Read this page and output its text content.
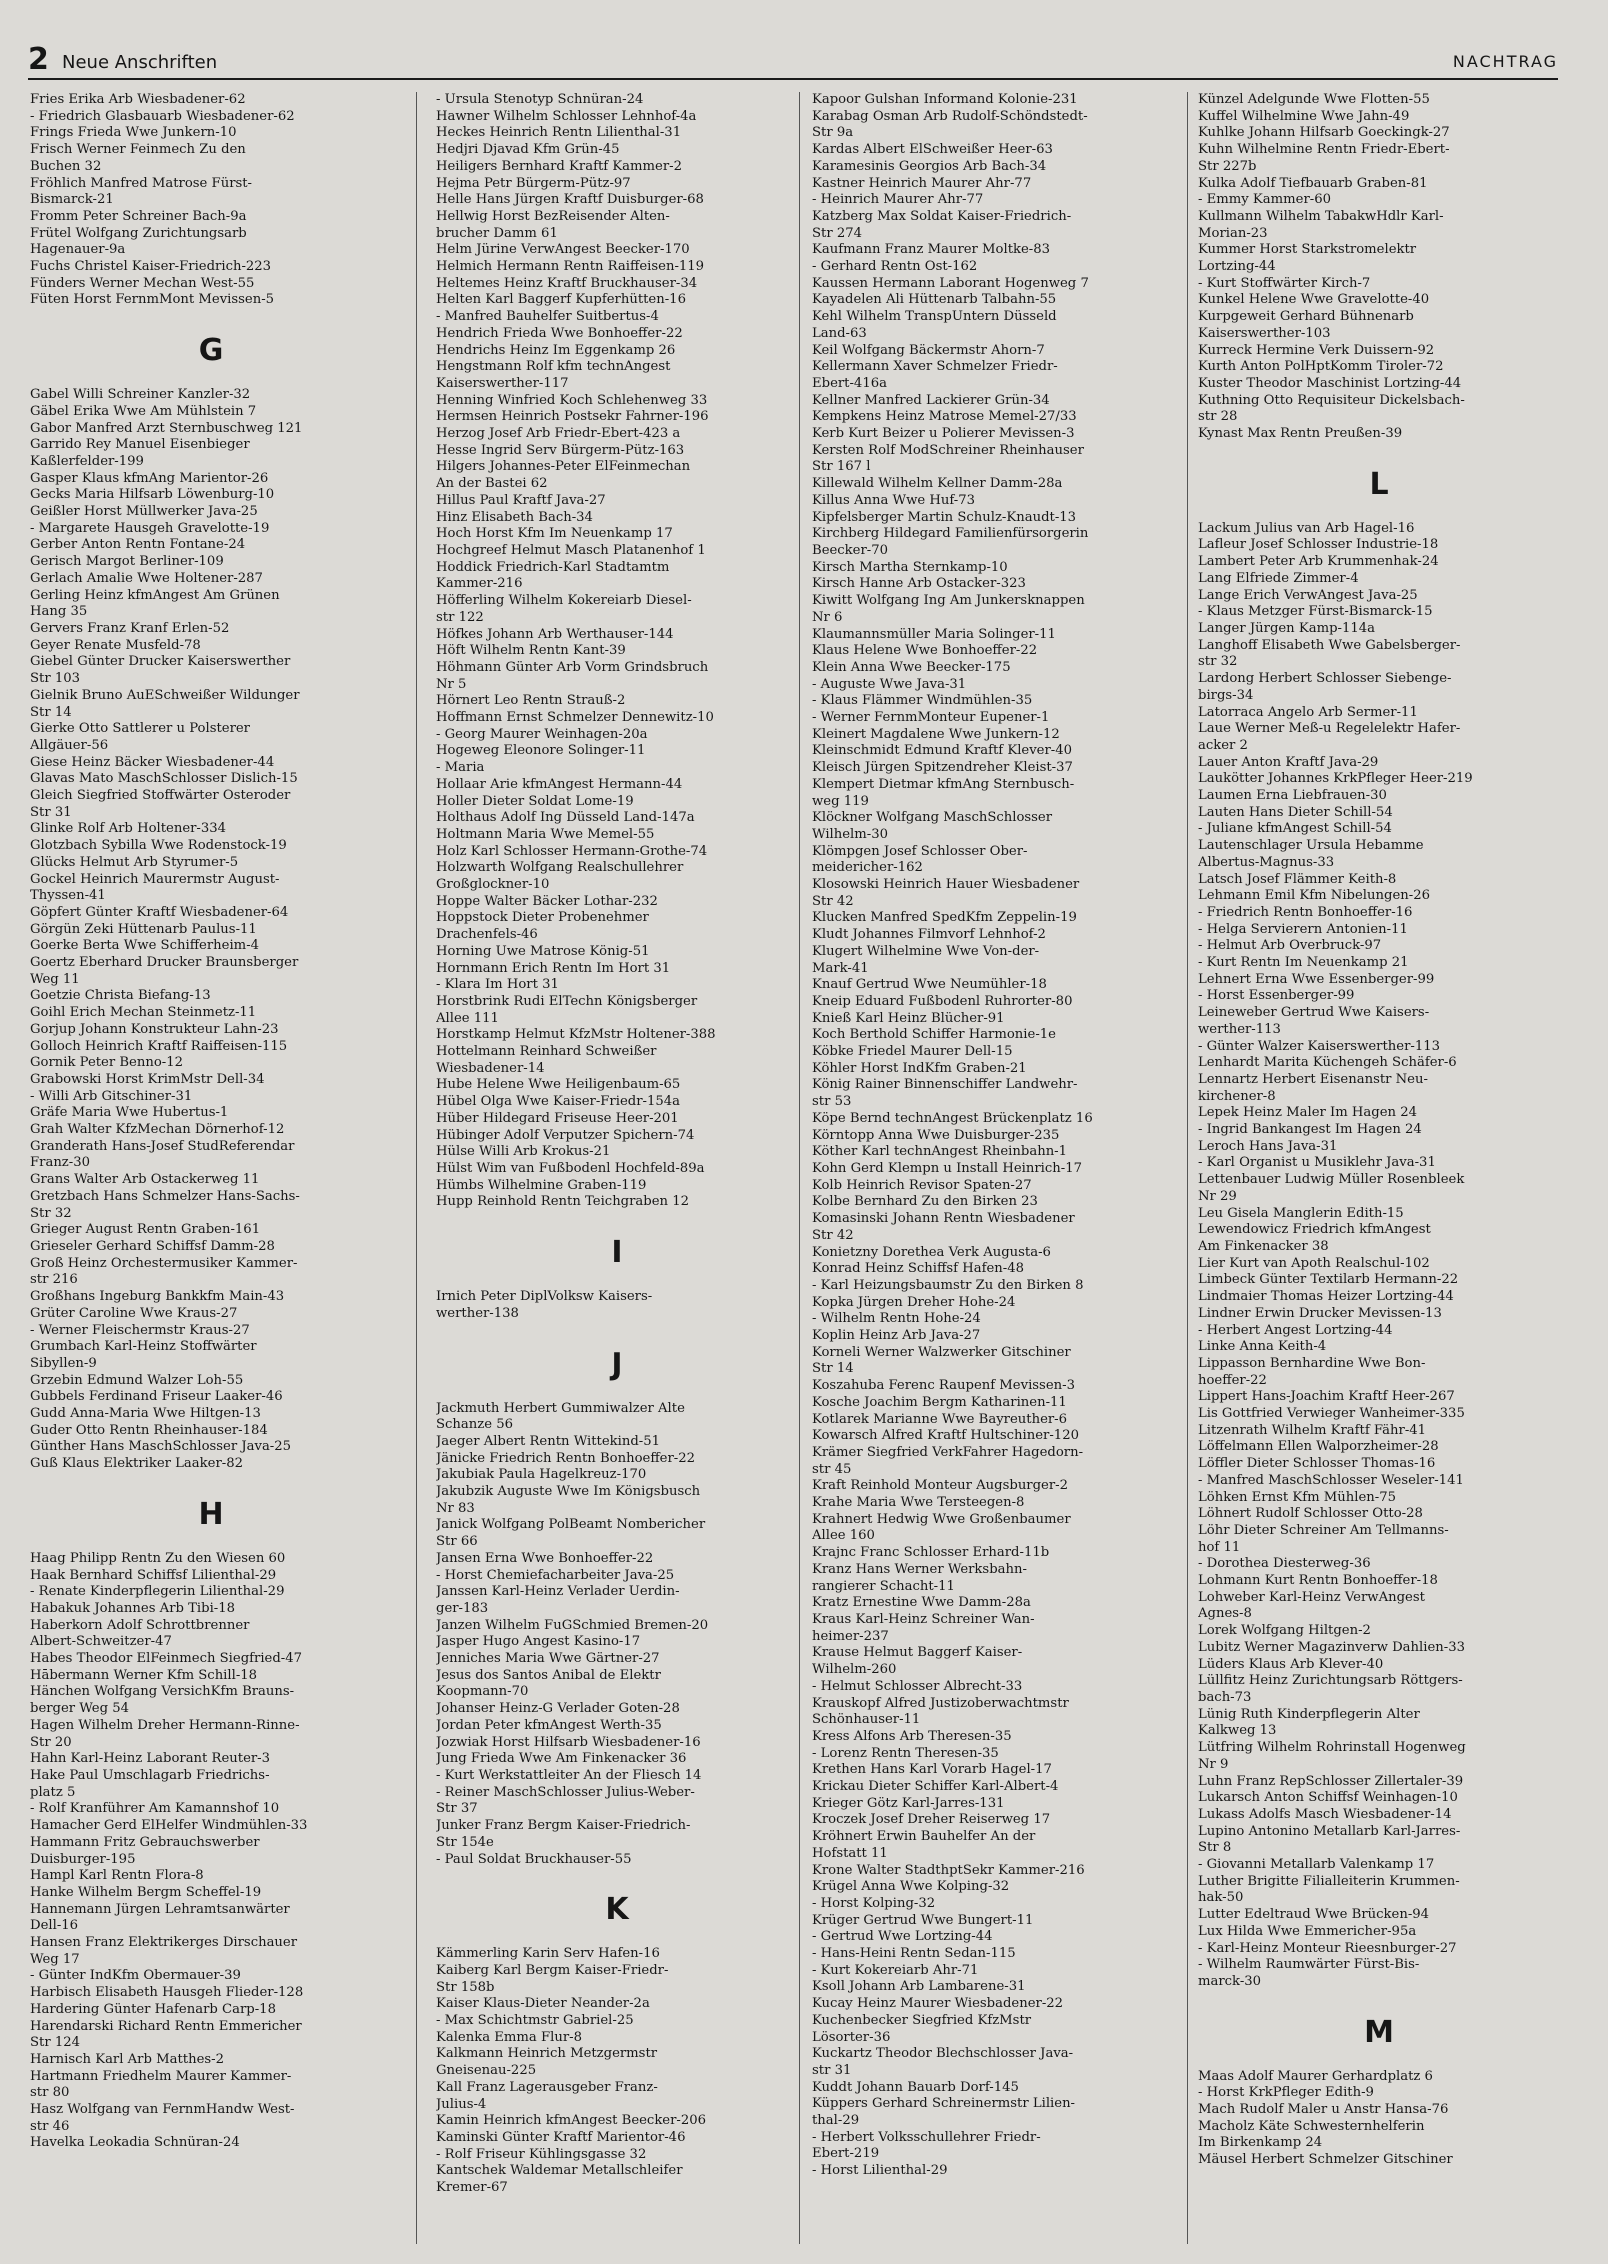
2 Neue Anschriften	NACHTRAG
Fries Erika Arb Wiesbadener-62
- Friedrich Glasbauarb Wiesbadener-62
Frings Frieda Wwe Junkern-10
Frisch Werner Feinmech Zu den
Buchen 32
Fröhlich Manfred Matrose Fürst-
Bismarck-21
Fromm Peter Schreiner Bach-9a
Frütel Wolfgang Zurichtungsarb
Hagenauer-9a
Fuchs Christel Kaiser-Friedrich-223
Fünders Werner Mechan West-55
Füten Horst FernmMont Mevissen-5
G
Gabel Willi Schreiner Kanzler-32
Gäbel Erika Wwe Am Mühlstein 7
Gabor Manfred Arzt Sternbuschweg 121
Garrido Rey Manuel Eisenbieger
Kaßlerfelder-199
Gasper Klaus kfmAng Marientor-26
Gecks Maria Hilfsarb Löwenburg-10
Geißler Horst Müllwerker Java-25
- Margarete Hausgeh Gravelotte-19
Gerber Anton Rentn Fontane-24
Gerisch Margot Berliner-109
Gerlach Amalie Wwe Holtener-287
Gerling Heinz kfmAngest Am Grünen
Hang 35
Gervers Franz Kranf Erlen-52
Geyer Renate Musfeld-78
Giebel Günter Drucker Kaiserswerther
Str 103
Gielnik Bruno AuESchweißer Wildunger
Str 14
Gierke Otto Sattlerer u Polsterer
Allgäuer-56
Giese Heinz Bäcker Wiesbadener-44
Glavas Mato MaschSchlosser Dislich-15
Gleich Siegfried Stoffwärter Osteroder
Str 31
Glinke Rolf Arb Holtener-334
Glotzbach Sybilla Wwe Rodenstock-19
Glücks Helmut Arb Styrumer-5
Gockel Heinrich Maurermstr August-
Thyssen-41
Göpfert Günter Kraftf Wiesbadener-64
Görgün Zeki Hüttenarb Paulus-11
Goerke Berta Wwe Schifferheim-4
Goertz Eberhard Drucker Braunsberger
Weg 11
Goetzie Christa Biefang-13
Goihl Erich Mechan Steinmetz-11
Gorjup Johann Konstrukteur Lahn-23
Golloch Heinrich Kraftf Raiffeisen-115
Gornik Peter Benno-12
Grabowski Horst KrimMstr Dell-34
- Willi Arb Gitschiner-31
Gräfe Maria Wwe Hubertus-1
Grah Walter KfzMechan Dörnerhof-12
Granderath Hans-Josef StudReferendar
Franz-30
Grans Walter Arb Ostackerweg 11
Gretzbach Hans Schmelzer Hans-Sachs-
Str 32
Grieger August Rentn Graben-161
Grieseler Gerhard Schiffsf Damm-28
Groß Heinz Orchestermusiker Kammer-
str 216
Großhans Ingeburg Bankkfm Main-43
Grüter Caroline Wwe Kraus-27
- Werner Fleischermstr Kraus-27
Grumbach Karl-Heinz Stoffwärter
Sibyllen-9
Grzebin Edmund Walzer Loh-55
Gubbels Ferdinand Friseur Laaker-46
Gudd Anna-Maria Wwe Hiltgen-13
Guder Otto Rentn Rheinhauser-184
Günther Hans MaschSchlosser Java-25
Guß Klaus Elektriker Laaker-82
H
Haag Philipp Rentn Zu den Wiesen 60
Haak Bernhard Schiffsf Lilienthal-29
- Renate Kinderpflegerin Lilienthal-29
Habakuk Johannes Arb Tibi-18
Haberkorn Adolf Schrottbrenner
Albert-Schweitzer-47
Habes Theodor ElFeinmech Siegfried-47
Hābermann Werner Kfm Schill-18
Hänchen Wolfgang VersichKfm Brauns-
berger Weg 54
Hagen Wilhelm Dreher Hermann-Rinne-
Str 20
Hahn Karl-Heinz Laborant Reuter-3
Hake Paul Umschlagarb Friedrichs-
platz 5
- Rolf Kranführer Am Kamannshof 10
Hamacher Gerd ElHelfer Windmühlen-33
Hammann Fritz Gebrauchswerber
Duisburger-195
Hampl Karl Rentn Flora-8
Hanke Wilhelm Bergm Scheffel-19
Hannemann Jürgen Lehramtsanwärter
Dell-16
Hansen Franz Elektrikerges Dirschauer
Weg 17
- Günter IndKfm Obermauer-39
Harbisch Elisabeth Hausgeh Flieder-128
Hardering Günter Hafenarb Carp-18
Harendarski Richard Rentn Emmericher
Str 124
Harnisch Karl Arb Matthes-2
Hartmann Friedhelm Maurer Kammer-
str 80
Hasz Wolfgang van FernmHandw West-
str 46
Havelka Leokadia Schnüran-24
- Ursula Stenotyp Schnüran-24
Hawner Wilhelm Schlosser Lehnhof-4a
Heckes Heinrich Rentn Lilienthal-31
Hedjri Djavad Kfm Grün-45
Heiligers Bernhard Kraftf Kammer-2
Hejma Petr Bürgerm-Pütz-97
Helle Hans Jürgen Kraftf Duisburger-68
Hellwig Horst BezReisender Alten-
brucher Damm 61
Helm Jürine VerwAngest Beecker-170
Helmich Hermann Rentn Raiffeisen-119
Heltemes Heinz Kraftf Bruckhauser-34
Helten Karl Baggerf Kupferhütten-16
- Manfred Bauhelfer Suitbertus-4
Hendrich Frieda Wwe Bonhoeffer-22
Hendrichs Heinz Im Eggenkamp 26
Hengstmann Rolf kfm technAngest
Kaiserswerther-117
Henning Winfried Koch Schlehenweg 33
Hermsen Heinrich Postsekr Fahrner-196
Herzog Josef Arb Friedr-Ebert-423 a
Hesse Ingrid Serv Bürgerm-Pütz-163
Hilgers Johannes-Peter ElFeinmechan
An der Bastei 62
Hillus Paul Kraftf Java-27
Hinz Elisabeth Bach-34
Hoch Horst Kfm Im Neuenkamp 17
Hochgreef Helmut Masch Platanenhof 1
Hoddick Friedrich-Karl Stadtamtm
Kammer-216
Höfferling Wilhelm Kokereiarb Diesel-
str 122
Höfkes Johann Arb Werthauser-144
Höft Wilhelm Rentn Kant-39
Höhmann Günter Arb Vorm Grindsbruch
Nr 5
Hörnert Leo Rentn Strauß-2
Hoffmann Ernst Schmelzer Dennewitz-10
- Georg Maurer Weinhagen-20a
Hogeweg Eleonore Solinger-11
- Maria
Hollaar Arie kfmAngest Hermann-44
Holler Dieter Soldat Lome-19
Holthaus Adolf Ing Düsseld Land-147a
Holtmann Maria Wwe Memel-55
Holz Karl Schlosser Hermann-Grothe-74
Holzwarth Wolfgang Realschullehrer
Großglockner-10
Hoppe Walter Bäcker Lothar-232
Hoppstock Dieter Probenehmer
Drachenfels-46
Horning Uwe Matrose König-51
Hornmann Erich Rentn Im Hort 31
- Klara Im Hort 31
Horstbrink Rudi ElTechn Königsberger
Allee 111
Horstkamp Helmut KfzMstr Holtener-388
Hottelmann Reinhard Schweißer
Wiesbadener-14
Hube Helene Wwe Heiligenbaum-65
Hübel Olga Wwe Kaiser-Friedr-154a
Hüber Hildegard Friseuse Heer-201
Hübinger Adolf Verputzer Spichern-74
Hülse Willi Arb Krokus-21
Hülst Wim van Fußbodenl Hochfeld-89a
Hümbs Wilhelmine Graben-119
Hupp Reinhold Rentn Teichgraben 12
I
Irnich Peter DiplVolksw Kaisers-
werther-138
J
Jackmuth Herbert Gummiwalzer Alte
Schanze 56
Jaeger Albert Rentn Wittekind-51
Jänicke Friedrich Rentn Bonhoeffer-22
Jakubiak Paula Hagelkreuz-170
Jakubzik Auguste Wwe Im Königsbusch
Nr 83
Janick Wolfgang PolBeamt Nombericher
Str 66
Jansen Erna Wwe Bonhoeffer-22
- Horst Chemiefacharbeiter Java-25
Janssen Karl-Heinz Verlader Uerdin-
ger-183
Janzen Wilhelm FuGSchmied Bremen-20
Jasper Hugo Angest Kasino-17
Jenniches Maria Wwe Gärtner-27
Jesus dos Santos Anibal de Elektr
Koopmann-70
Johanser Heinz-G Verlader Goten-28
Jordan Peter kfmAngest Werth-35
Jozwiak Horst Hilfsarb Wiesbadener-16
Jung Frieda Wwe Am Finkenacker 36
- Kurt Werkstattleiter An der Fliesch 14
- Reiner MaschSchlosser Julius-Weber-
Str 37
Junker Franz Bergm Kaiser-Friedrich-
Str 154e
- Paul Soldat Bruckhauser-55
K
Kämmerling Karin Serv Hafen-16
Kaiberg Karl Bergm Kaiser-Friedr-
Str 158b
Kaiser Klaus-Dieter Neander-2a
- Max Schichtmstr Gabriel-25
Kalenka Emma Flur-8
Kalkmann Heinrich Metzgermstr
Gneisenau-225
Kall Franz Lagerausgeber Franz-
Julius-4
Kamin Heinrich kfmAngest Beecker-206
Kaminski Günter Kraftf Marientor-46
- Rolf Friseur Kühlingsgasse 32
Kantschek Waldemar Metallschleifer
Kremer-67
Kapoor Gulshan Informand Kolonie-231
Karabag Osman Arb Rudolf-Schöndstedt-
Str 9a
Kardas Albert ElSchweißer Heer-63
Karamesinis Georgios Arb Bach-34
Kastner Heinrich Maurer Ahr-77
- Heinrich Maurer Ahr-77
Katzberg Max Soldat Kaiser-Friedrich-
Str 274
Kaufmann Franz Maurer Moltke-83
- Gerhard Rentn Ost-162
Kaussen Hermann Laborant Hogenweg 7
Kayadelen Ali Hüttenarb Talbahn-55
Kehl Wilhelm TranspUntern Düsseld
Land-63
Keil Wolfgang Bäckermstr Ahorn-7
Kellermann Xaver Schmelzer Friedr-
Ebert-416a
Kellner Manfred Lackierer Grün-34
Kempkens Heinz Matrose Memel-27/33
Kerb Kurt Beizer u Polierer Mevissen-3
Kersten Rolf ModSchreiner Rheinhauser
Str 167 l
Killewald Wilhelm Kellner Damm-28a
Killus Anna Wwe Huf-73
Kipfelsberger Martin Schulz-Knaudt-13
Kirchberg Hildegard Familienfürsorgerin
Beecker-70
Kirsch Martha Sternkamp-10
Kirsch Hanne Arb Ostacker-323
Kiwitt Wolfgang Ing Am Junkersknappen
Nr 6
Klaumannsmüller Maria Solinger-11
Klaus Helene Wwe Bonhoeffer-22
Klein Anna Wwe Beecker-175
- Auguste Wwe Java-31
- Klaus Flämmer Windmühlen-35
- Werner FernmMonteur Eupener-1
Kleinert Magdalene Wwe Junkern-12
Kleinschmidt Edmund Kraftf Klever-40
Kleisch Jürgen Spitzendreher Kleist-37
Klempert Dietmar kfmAng Sternbusch-
weg 119
Klöckner Wolfgang MaschSchlosser
Wilhelm-30
Klömpgen Josef Schlosser Ober-
meidericher-162
Klosowski Heinrich Hauer Wiesbadener
Str 42
Klucken Manfred SpedKfm Zeppelin-19
Kludt Johannes Filmvorf Lehnhof-2
Klugert Wilhelmine Wwe Von-der-
Mark-41
Knauf Gertrud Wwe Neumühler-18
Kneip Eduard Fußbodenl Ruhrorter-80
Knieß Karl Heinz Blücher-91
Koch Berthold Schiffer Harmonie-1e
Köbke Friedel Maurer Dell-15
Köhler Horst IndKfm Graben-21
König Rainer Binnenschiffer Landwehr-
str 53
Köpe Bernd technAngest Brückenplatz 16
Körntopp Anna Wwe Duisburger-235
Köther Karl technAngest Rheinbahn-1
Kohn Gerd Klempn u Install Heinrich-17
Kolb Heinrich Revisor Spaten-27
Kolbe Bernhard Zu den Birken 23
Komasinski Johann Rentn Wiesbadener
Str 42
Konietzny Dorethea Verk Augusta-6
Konrad Heinz Schiffsf Hafen-48
- Karl Heizungsbaumstr Zu den Birken 8
Kopka Jürgen Dreher Hohe-24
- Wilhelm Rentn Hohe-24
Koplin Heinz Arb Java-27
Korneli Werner Walzwerker Gitschiner
Str 14
Koszahuba Ferenc Raupenf Mevissen-3
Kosche Joachim Bergm Katharinen-11
Kotlarek Marianne Wwe Bayreuther-6
Kowarsch Alfred Kraftf Hultschiner-120
Krämer Siegfried VerkFahrer Hagedorn-
str 45
Kraft Reinhold Monteur Augsburger-2
Krahe Maria Wwe Tersteegen-8
Krahnert Hedwig Wwe Großenbaumer
Allee 160
Krajnc Franc Schlosser Erhard-11b
Kranz Hans Werner Werksbahn-
rangierer Schacht-11
Kratz Ernestine Wwe Damm-28a
Kraus Karl-Heinz Schreiner Wan-
heimer-237
Krause Helmut Baggerf Kaiser-
Wilhelm-260
- Helmut Schlosser Albrecht-33
Krauskopf Alfred Justizoberwachtmstr
Schönhauser-11
Kress Alfons Arb Theresen-35
- Lorenz Rentn Theresen-35
Krethen Hans Karl Vorarb Hagel-17
Krickau Dieter Schiffer Karl-Albert-4
Krieger Götz Karl-Jarres-131
Kroczek Josef Dreher Reiserweg 17
Kröhnert Erwin Bauhelfer An der
Hofstatt 11
Krone Walter StadthptSekr Kammer-216
Krügel Anna Wwe Kolping-32
- Horst Kolping-32
Krüger Gertrud Wwe Bungert-11
- Gertrud Wwe Lortzing-44
- Hans-Heini Rentn Sedan-115
- Kurt Kokereiarb Ahr-71
Ksoll Johann Arb Lambarene-31
Kucay Heinz Maurer Wiesbadener-22
Kuchenbecker Siegfried KfzMstr
Lösorter-36
Kuckartz Theodor Blechschlosser Java-
str 31
Kuddt Johann Bauarb Dorf-145
Küppers Gerhard Schreinermstr Lilien-
thal-29
- Herbert Volksschullehrer Friedr-
Ebert-219
- Horst Lilienthal-29
Künzel Adelgunde Wwe Flotten-55
Kuffel Wilhelmine Wwe Jahn-49
Kuhlke Johann Hilfsarb Goeckingk-27
Kuhn Wilhelmine Rentn Friedr-Ebert-
Str 227b
Kulka Adolf Tiefbauarb Graben-81
- Emmy Kammer-60
Kullmann Wilhelm TabakwHdlr Karl-
Morian-23
Kummer Horst Starkstromelektr
Lortzing-44
- Kurt Stoffwärter Kirch-7
Kunkel Helene Wwe Gravelotte-40
Kurpgeweit Gerhard Bühnenarb
Kaiserswerther-103
Kurreck Hermine Verk Duissern-92
Kurth Anton PolHptKomm Tiroler-72
Kuster Theodor Maschinist Lortzing-44
Kuthning Otto Requisiteur Dickelsbach-
str 28
Kynast Max Rentn Preußen-39
L
Lackum Julius van Arb Hagel-16
Lafleur Josef Schlosser Industrie-18
Lambert Peter Arb Krummenhak-24
Lang Elfriede Zimmer-4
Lange Erich VerwAngest Java-25
- Klaus Metzger Fürst-Bismarck-15
Langer Jürgen Kamp-114a
Langhoff Elisabeth Wwe Gabelsberger-
str 32
Lardong Herbert Schlosser Siebenge-
birgs-34
Latorraca Angelo Arb Sermer-11
Laue Werner Meß-u Regelelektr Hafer-
acker 2
Lauer Anton Kraftf Java-29
Laukötter Johannes KrkPfleger Heer-219
Laumen Erna Liebfrauen-30
Lauten Hans Dieter Schill-54
- Juliane kfmAngest Schill-54
Lautenschlager Ursula Hebamme
Albertus-Magnus-33
Latsch Josef Flämmer Keith-8
Lehmann Emil Kfm Nibelungen-26
- Friedrich Rentn Bonhoeffer-16
- Helga Servierern Antonien-11
- Helmut Arb Overbruck-97
- Kurt Rentn Im Neuenkamp 21
Lehnert Erna Wwe Essenberger-99
- Horst Essenberger-99
Leineweber Gertrud Wwe Kaisers-
werther-113
- Günter Walzer Kaiserswerther-113
Lenhardt Marita Küchengeh Schäfer-6
Lennartz Herbert Eisenanstr Neu-
kirchener-8
Lepek Heinz Maler Im Hagen 24
- Ingrid Bankangest Im Hagen 24
Leroch Hans Java-31
- Karl Organist u Musiklehr Java-31
Lettenbauer Ludwig Müller Rosenbleek
Nr 29
Leu Gisela Manglerin Edith-15
Lewendowicz Friedrich kfmAngest
Am Finkenacker 38
Lier Kurt van Apoth Realschul-102
Limbeck Günter Textilarb Hermann-22
Lindmaier Thomas Heizer Lortzing-44
Lindner Erwin Drucker Mevissen-13
- Herbert Angest Lortzing-44
Linke Anna Keith-4
Lippasson Bernhardine Wwe Bon-
hoeffer-22
Lippert Hans-Joachim Kraftf Heer-267
Lis Gottfried Verwieger Wanheimer-335
Litzenrath Wilhelm Kraftf Fähr-41
Löffelmann Ellen Walporzheimer-28
Löffler Dieter Schlosser Thomas-16
- Manfred MaschSchlosser Weseler-141
Löhken Ernst Kfm Mühlen-75
Löhnert Rudolf Schlosser Otto-28
Löhr Dieter Schreiner Am Tellmanns-
hof 11
- Dorothea Diesterweg-36
Lohmann Kurt Rentn Bonhoeffer-18
Lohweber Karl-Heinz VerwAngest
Agnes-8
Lorek Wolfgang Hiltgen-2
Lubitz Werner Magazinverw Dahlien-33
Lüders Klaus Arb Klever-40
Lüllfitz Heinz Zurichtungsarb Röttgers-
bach-73
Lünig Ruth Kinderpflegerin Alter
Kalkweg 13
Lütfring Wilhelm Rohrinstall Hogenweg
Nr 9
Luhn Franz RepSchlosser Zillertaler-39
Lukarsch Anton Schiffsf Weinhagen-10
Lukass Adolfs Masch Wiesbadener-14
Lupino Antonino Metallarb Karl-Jarres-
Str 8
- Giovanni Metallarb Valenkamp 17
Luther Brigitte Filialleiterin Krummen-
hak-50
Lutter Edeltraud Wwe Brücken-94
Lux Hilda Wwe Emmericher-95a
- Karl-Heinz Monteur Rieesnburger-27
- Wilhelm Raumwärter Fürst-Bis-
marck-30
M
Maas Adolf Maurer Gerhardplatz 6
- Horst KrkPfleger Edith-9
Mach Rudolf Maler u Anstr Hansa-76
Macholz Käte Schwesternhelferin
Im Birkenkamp 24
Mäusel Herbert Schmelzer Gitschiner
